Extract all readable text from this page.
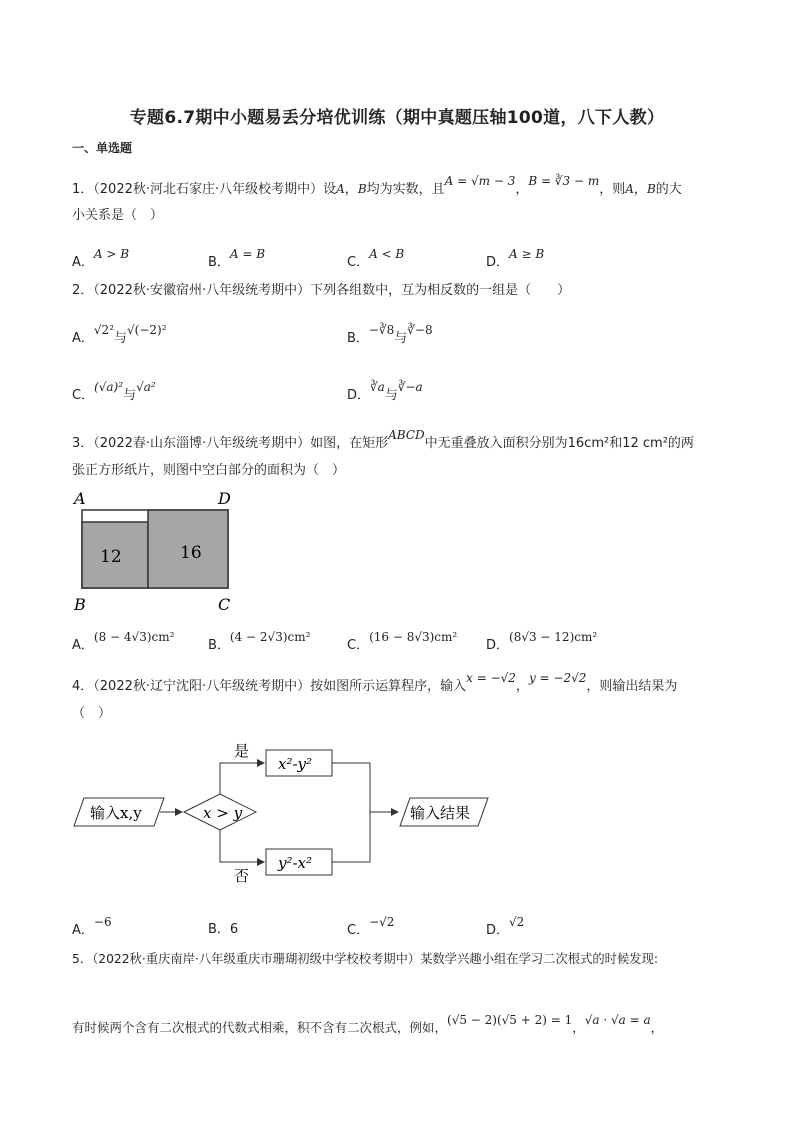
专题6.7期中小题易丢分培优训练（期中真题压轴100道，八下人教）
一、单选题
1．（2022秋·河北石家庄·八年级校考期中）设A，B均为实数，且A = √m − 3，B = ∛3 − m，则A，B的大
小关系是（　）
A．A > B
B．A = B
C．A < B
D．A ≥ B
2．（2022秋·安徽宿州·八年级统考期中）下列各组数中，互为相反数的一组是（　　）
A．√2²与√(−2)²
B．−∛8与∛−8
C．(√a)²与√a²
D．∛a与∛−a
3．（2022春·山东淄博·八年级统考期中）如图，在矩形ABCD中无重叠放入面积分别为16cm²和12 cm²的两
张正方形纸片，则图中空白部分的面积为（　）
A	D
B	C
12	16
A．(8 − 4√3)cm²
B．(4 − 2√3)cm²
C．(16 − 8√3)cm²
D．(8√3 − 12)cm²
4．（2022秋·辽宁沈阳·八年级统考期中）按如图所示运算程序，输入x = −√2，y = −2√2，则输出结果为
（　）
输入x,y	x > y
是
x²-y²
否
y²-x²
输入结果
A．−6	B．6	C．−√2
D．√2
5．（2022秋·重庆南岸·八年级重庆市珊瑚初级中学校校考期中）某数学兴趣小组在学习二次根式的时候发现:
有时候两个含有二次根式的代数式相乘，积不含有二次根式，例如，(√5 − 2)(√5 + 2) = 1，√a · √a = a，
